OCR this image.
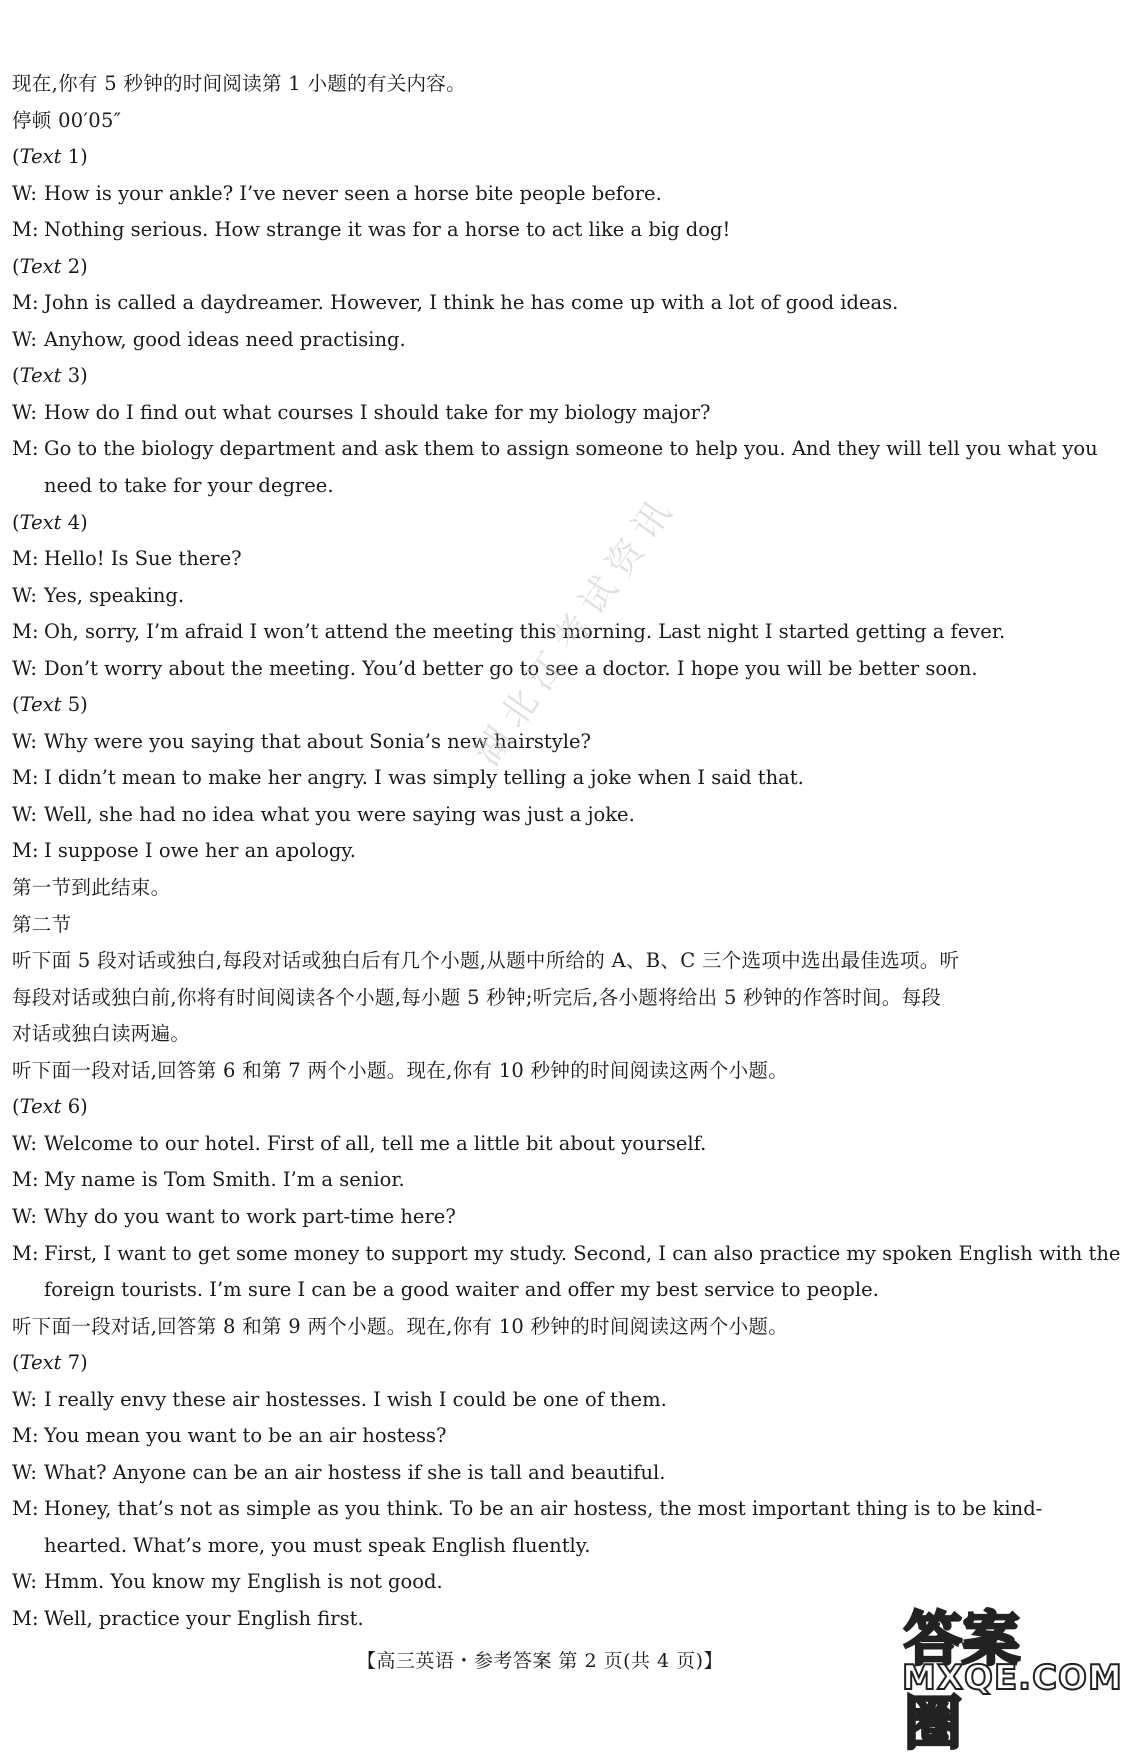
现在,你有 5 秒钟的时间阅读第 1 小题的有关内容。
停顿 00′05″
(Text 1)
W: How is your ankle? I’ve never seen a horse bite people before.
M: Nothing serious. How strange it was for a horse to act like a big dog!
(Text 2)
M: John is called a daydreamer. However, I think he has come up with a lot of good ideas.
W: Anyhow, good ideas need practising.
(Text 3)
W: How do I find out what courses I should take for my biology major?
M: Go to the biology department and ask them to assign someone to help you. And they will tell you what you
need to take for your degree.
(Text 4)
M: Hello! Is Sue there?
W: Yes, speaking.
M: Oh, sorry, I’m afraid I won’t attend the meeting this morning. Last night I started getting a fever.
W: Don’t worry about the meeting. You’d better go to see a doctor. I hope you will be better soon.
(Text 5)
W: Why were you saying that about Sonia’s new hairstyle?
M: I didn’t mean to make her angry. I was simply telling a joke when I said that.
W: Well, she had no idea what you were saying was just a joke.
M: I suppose I owe her an apology.
第一节到此结束。
第二节
听下面 5 段对话或独白,每段对话或独白后有几个小题,从题中所给的 A、B、C 三个选项中选出最佳选项。听
每段对话或独白前,你将有时间阅读各个小题,每小题 5 秒钟;听完后,各小题将给出 5 秒钟的作答时间。每段
对话或独白读两遍。
听下面一段对话,回答第 6 和第 7 两个小题。现在,你有 10 秒钟的时间阅读这两个小题。
(Text 6)
W: Welcome to our hotel. First of all, tell me a little bit about yourself.
M: My name is Tom Smith. I’m a senior.
W: Why do you want to work part-time here?
M: First, I want to get some money to support my study. Second, I can also practice my spoken English with the
foreign tourists. I’m sure I can be a good waiter and offer my best service to people.
听下面一段对话,回答第 8 和第 9 两个小题。现在,你有 10 秒钟的时间阅读这两个小题。
(Text 7)
W: I really envy these air hostesses. I wish I could be one of them.
M: You mean you want to be an air hostess?
W: What? Anyone can be an air hostess if she is tall and beautiful.
M: Honey, that’s not as simple as you think. To be an air hostess, the most important thing is to be kind-
hearted. What’s more, you must speak English fluently.
W: Hmm. You know my English is not good.
M: Well, practice your English first.
湖北江考试资讯
【高三英语・参考答案 第 2 页(共 4 页)】	答案圈
MXQE.COM
